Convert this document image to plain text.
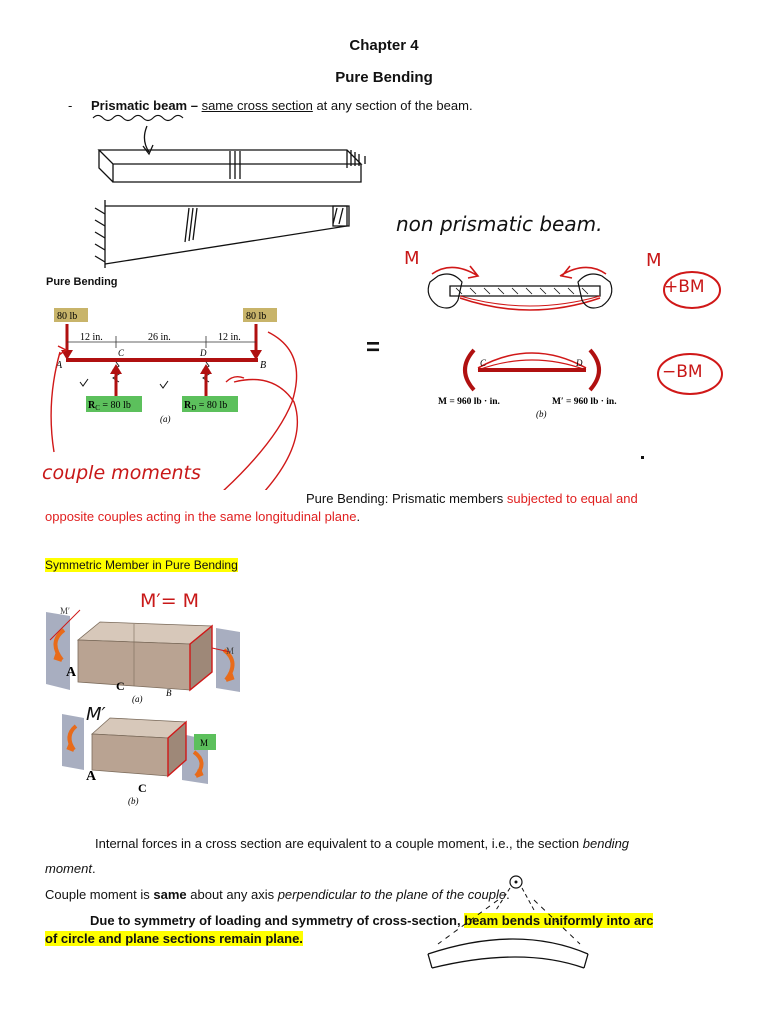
Chapter 4
Pure Bending
- Prismatic beam – same cross section at any section of the beam.
non prismatic beam.
Pure Bending
80 lb	80 lb
12 in.	26 in.	12 in.
A	B
C	D
$R_C = 80$ lb	$R_D = 80$ lb
(a)
couple moments
=
M	M
+BM
C	D
M = 960 lb · in.	M′ = 960 lb · in.
(b)
−BM
Pure Bending: Prismatic members subjected to equal and
opposite couples acting in the same longitudinal plane.
Symmetric Member in Pure Bending
M′= M
M
M′
A
C	B
(a)
M
M′
A
C
(b)
Internal forces in a cross section are equivalent to a couple moment, i.e., the section bending
moment.
Couple moment is same about any axis perpendicular to the plane of the couple.
Due to symmetry of loading and symmetry of cross-section, beam bends uniformly into arc
of circle and plane sections remain plane.
